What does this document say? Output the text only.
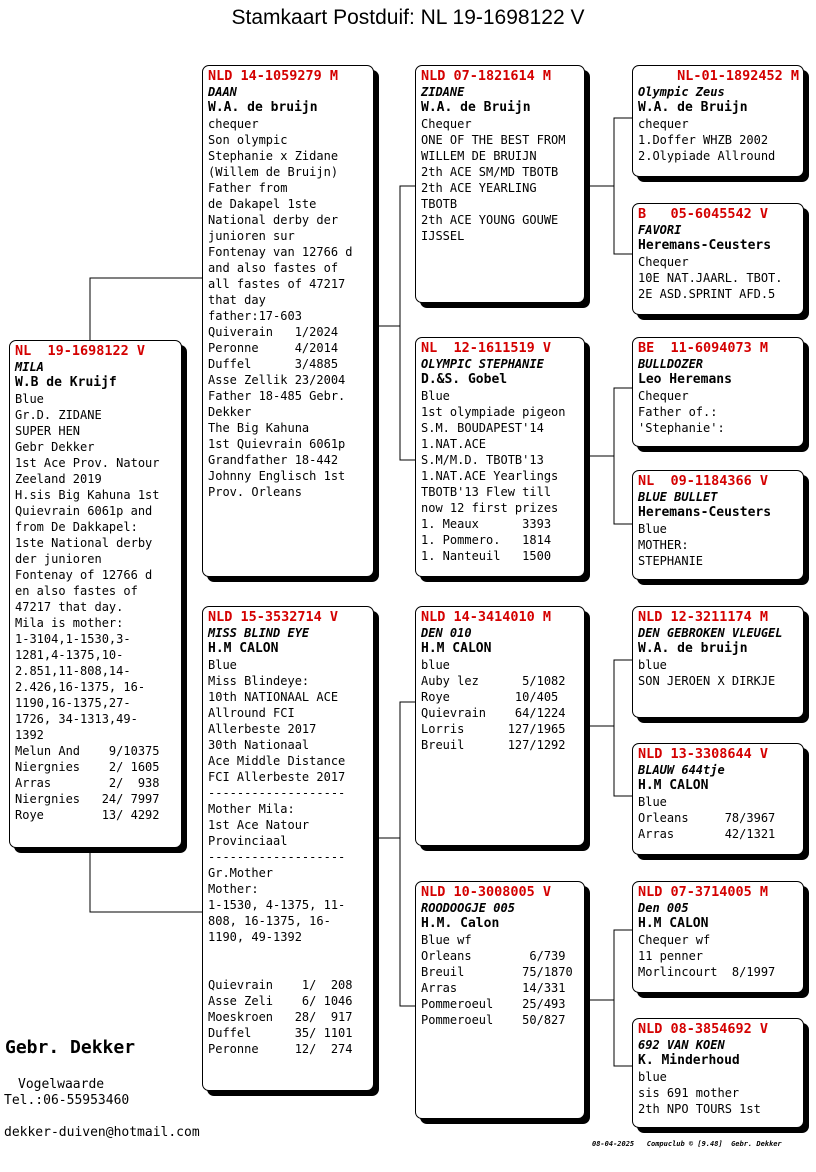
Stamkaart Postduif: NL 19-1698122 V
NL  19-1698122 V
MILA
W.B de Kruijf
Blue
Gr.D. ZIDANE
SUPER HEN
Gebr Dekker
1st Ace Prov. Natour
Zeeland 2019
H.sis Big Kahuna 1st
Quievrain 6061p and
from De Dakkapel:
1ste National derby
der junioren
Fontenay of 12766 d
en also fastes of
47217 that day.
Mila is mother:
1-3104,1-1530,3-
1281,4-1375,10-
2.851,11-808,14-
2.426,16-1375, 16-
1190,16-1375,27-
1726, 34-1313,49-
1392
Melun And    9/10375
Niergnies    2/ 1605
Arras        2/  938
Niergnies   24/ 7997
Roye        13/ 4292
NLD 14-1059279 M
DAAN
W.A. de bruijn
chequer
Son olympic
Stephanie x Zidane
(Willem de Bruijn)
Father from
de Dakapel 1ste
National derby der
junioren sur
Fontenay van 12766 d
and also fastes of
all fastes of 47217
that day
father:17-603
Quiverain   1/2024
Peronne     4/2014
Duffel      3/4885
Asse Zellik 23/2004
Father 18-485 Gebr.
Dekker
The Big Kahuna
1st Quievrain 6061p
Grandfather 18-442
Johnny Englisch 1st
Prov. Orleans
NLD 15-3532714 V
MISS BLIND EYE
H.M CALON
Blue
Miss Blindeye:
10th NATIONAAL ACE
Allround FCI
Allerbeste 2017
30th Nationaal
Ace Middle Distance
FCI Allerbeste 2017
-------------------
Mother Mila:
1st Ace Natour
Provinciaal
-------------------
Gr.Mother
Mother:
1-1530, 4-1375, 11-
808, 16-1375, 16-
1190, 49-1392

Quievrain    1/  208
Asse Zeli    6/ 1046
Moeskroen   28/  917
Duffel      35/ 1101
Peronne     12/  274
NLD 07-1821614 M
ZIDANE
W.A. de Bruijn
Chequer
ONE OF THE BEST FROM
WILLEM DE BRUIJN
2th ACE SM/MD TBOTB
2th ACE YEARLING
TBOTB
2th ACE YOUNG GOUWE
IJSSEL
NL  12-1611519 V
OLYMPIC STEPHANIE
D.&S. Gobel
Blue
1st olympiade pigeon
S.M. BOUDAPEST'14
1.NAT.ACE
S.M/M.D. TBOTB'13
1.NAT.ACE Yearlings
TBOTB'13 Flew till
now 12 first prizes
1. Meaux      3393
1. Pommero.   1814
1. Nanteuil   1500
NLD 14-3414010 M
DEN 010
H.M CALON
blue
Auby lez      5/1082
Roye         10/405
Quievrain    64/1224
Lorris      127/1965
Breuil      127/1292
NLD 10-3008005 V
ROODOOGJE 005
H.M. Calon
Blue wf
Orleans        6/739
Breuil        75/1870
Arras         14/331
Pommeroeul    25/493
Pommeroeul    50/827
NL-01-1892452 M
Olympic Zeus
W.A. de Bruijn
chequer
1.Doffer WHZB 2002
2.Olypiade Allround
B   05-6045542 V
FAVORI
Heremans-Ceusters
Chequer
10E NAT.JAARL. TBOT.
2E ASD.SPRINT AFD.5
BE  11-6094073 M
BULLDOZER
Leo Heremans
Chequer
Father of.:
'Stephanie':
NL  09-1184366 V
BLUE BULLET
Heremans-Ceusters
Blue
MOTHER:
STEPHANIE
NLD 12-3211174 M
DEN GEBROKEN VLEUGEL
W.A. de bruijn
blue
SON JEROEN X DIRKJE
NLD 13-3308644 V
BLAUW 644tje
H.M CALON
Blue
Orleans     78/3967
Arras       42/1321
NLD 07-3714005 M
Den 005
H.M CALON
Chequer wf
11 penner
Morlincourt  8/1997
NLD 08-3854692 V
692 VAN KOEN
K. Minderhoud
blue
sis 691 mother
2th NPO TOURS 1st
Gebr. Dekker
Vogelwaarde
Tel.:06-55953460
dekker-duiven@hotmail.com
08-04-2025   Compuclub © [9.48]  Gebr. Dekker
